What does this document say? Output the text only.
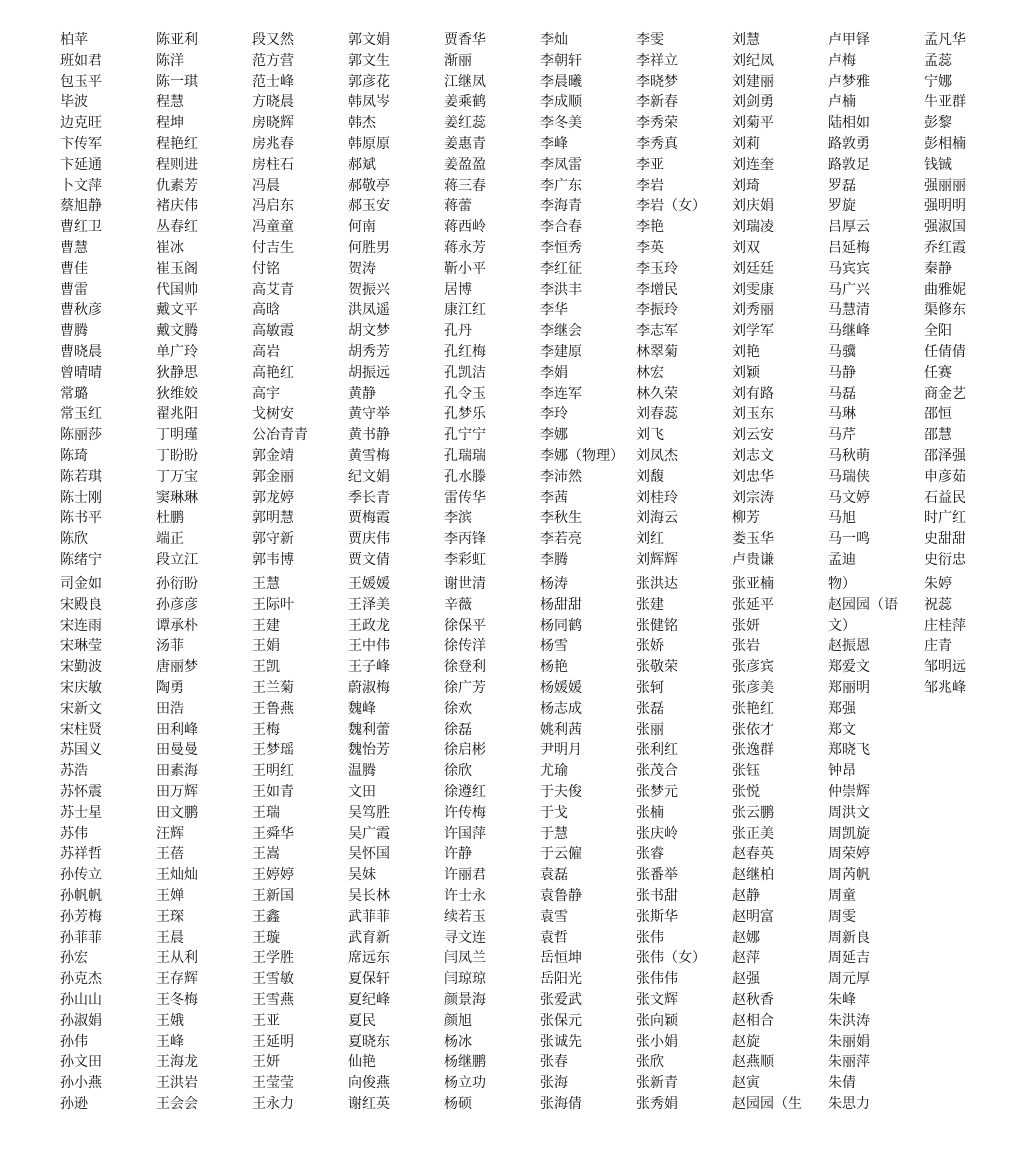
柏苹
班如君
包玉平
毕波
边克旺
卞传军
卞延通
卜文萍
蔡旭静
曹红卫
曹慧
曹佳
曹雷
曹秋彦
曹腾
曹晓晨
曾晴晴
常璐
常玉红
陈丽莎
陈琦
陈若琪
陈士刚
陈书平
陈欣
陈绪宁
陈亚利
陈洋
陈一琪
程慧
程坤
程艳红
程则进
仇素芳
褚庆伟
丛春红
崔冰
崔玉阁
代国帅
戴文平
戴文腾
单广玲
狄静思
狄维姣
翟兆阳
丁明瑾
丁盼盼
丁万宝
窦琳琳
杜鹏
端正
段立江
段又然
范方营
范士峰
方晓晨
房晓辉
房兆春
房柱石
冯晨
冯启东
冯童童
付吉生
付铭
高艾青
高晗
高敏霞
高岩
高艳红
高宇
戈树安
公冶青青
郭金靖
郭金丽
郭龙婷
郭明慧
郭守新
郭韦博
郭文娟
郭文生
郭彦花
韩凤岑
韩杰
韩原原
郝斌
郝敬亭
郝玉安
何南
何胜男
贺涛
贺振兴
洪凤遥
胡文梦
胡秀芳
胡振远
黄静
黄守举
黄书静
黄雪梅
纪文娟
季长青
贾梅霞
贾庆伟
贾文倩
贾香华
渐丽
江继凤
姜乘鹤
姜红蕊
姜惠青
姜盈盈
蒋三春
蒋蕾
蒋西岭
蒋永芳
靳小平
居博
康江红
孔丹
孔红梅
孔凯洁
孔令玉
孔梦乐
孔宁宁
孔瑞瑞
孔水滕
雷传华
李滨
李丙锋
李彩虹
李灿
李朝轩
李晨曦
李成顺
李冬美
李峰
李凤雷
李广东
李海青
李合春
李恒秀
李红征
李洪丰
李华
李继会
李建原
李娟
李连军
李玲
李娜
李娜（物理）
李沛然
李茜
李秋生
李若亮
李腾
李雯
李祥立
李晓梦
李新春
李秀荣
李秀真
李亚
李岩
李岩（女）
李艳
李英
李玉玲
李增民
李振玲
李志军
林翠菊
林宏
林久荣
刘春蕊
刘飞
刘凤杰
刘馥
刘桂玲
刘海云
刘红
刘辉辉
刘慧
刘纪凤
刘建丽
刘剑勇
刘菊平
刘莉
刘连奎
刘琦
刘庆娟
刘瑞凌
刘双
刘廷廷
刘雯康
刘秀丽
刘学军
刘艳
刘颖
刘有路
刘玉东
刘云安
刘志文
刘忠华
刘宗涛
柳芳
娄玉华
卢贵谦
卢甲铎
卢梅
卢梦雅
卢楠
陆相如
路敦勇
路敦足
罗磊
罗旋
吕厚云
吕延梅
马宾宾
马广兴
马慧清
马继峰
马骥
马静
马磊
马琳
马芹
马秋萌
马瑞侠
马文婷
马旭
马一鸣
孟迪
孟凡华
孟蕊
宁娜
牛亚群
彭黎
彭相楠
钱铖
强丽丽
强明明
强淑国
乔红霞
秦静
曲雅妮
渠修东
全阳
任倩倩
任赛
商金艺
邵恒
邵慧
邵泽强
申彦茹
石益民
时广红
史甜甜
史衍忠
司金如
宋殿良
宋连雨
宋琳莹
宋勤波
宋庆敏
宋新文
宋柱贤
苏国义
苏浩
苏怀震
苏士星
苏伟
苏祥哲
孙传立
孙帆帆
孙芳梅
孙菲菲
孙宏
孙克杰
孙山山
孙淑娟
孙伟
孙文田
孙小燕
孙逊
孙衍盼
孙彦彦
谭承朴
汤菲
唐丽梦
陶勇
田浩
田利峰
田曼曼
田素海
田万辉
田文鹏
汪辉
王蓓
王灿灿
王婵
王琛
王晨
王从利
王存辉
王冬梅
王娥
王峰
王海龙
王洪岩
王会会
王慧
王际叶
王建
王娟
王凯
王兰菊
王鲁燕
王梅
王梦瑶
王明红
王如青
王瑞
王舜华
王嵩
王婷婷
王新国
王鑫
王璇
王学胜
王雪敏
王雪燕
王亚
王延明
王妍
王莹莹
王永力
王媛媛
王泽美
王政龙
王中伟
王子峰
蔚淑梅
魏峰
魏利蕾
魏怡芳
温腾
文田
吴笃胜
吴广霞
吴怀国
吴妹
吴长林
武菲菲
武育新
席远东
夏保轩
夏纪峰
夏民
夏晓东
仙艳
向俊燕
谢红英
谢世清
辛薇
徐保平
徐传洋
徐登利
徐广芳
徐欢
徐磊
徐启彬
徐欣
徐遵红
许传梅
许国萍
许静
许丽君
许士永
续若玉
寻文连
闫凤兰
闫琼琼
颜景海
颜旭
杨冰
杨继鹏
杨立功
杨硕
杨涛
杨甜甜
杨同鹤
杨雪
杨艳
杨媛媛
杨志成
姚利茜
尹明月
尤瑜
于夫俊
于戈
于慧
于云僱
袁磊
袁鲁静
袁雪
袁哲
岳恒坤
岳阳光
张爱武
张保元
张诚先
张春
张海
张海倩
张洪达
张建
张健铭
张娇
张敬荣
张轲
张磊
张丽
张利红
张茂合
张梦元
张楠
张庆岭
张睿
张番举
张书甜
张斯华
张伟
张伟（女）
张伟伟
张文辉
张向颖
张小娟
张欣
张新青
张秀娟
张亚楠
张延平
张妍
张岩
张彦宾
张彦美
张艳红
张依才
张逸群
张钰
张悦
张云鹏
张正美
赵春英
赵继柏
赵静
赵明富
赵娜
赵萍
赵强
赵秋香
赵相合
赵旋
赵燕顺
赵寅
赵园园（生
物）
赵园园（语
文）
赵振恩
郑爱文
郑丽明
郑强
郑文
郑晓飞
钟昂
仲崇辉
周洪文
周凯旋
周荣婷
周芮帆
周童
周雯
周新良
周延吉
周元厚
朱峰
朱洪涛
朱丽娟
朱丽萍
朱倩
朱思力
朱婷
祝蕊
庄桂萍
庄青
邹明远
邹兆峰
